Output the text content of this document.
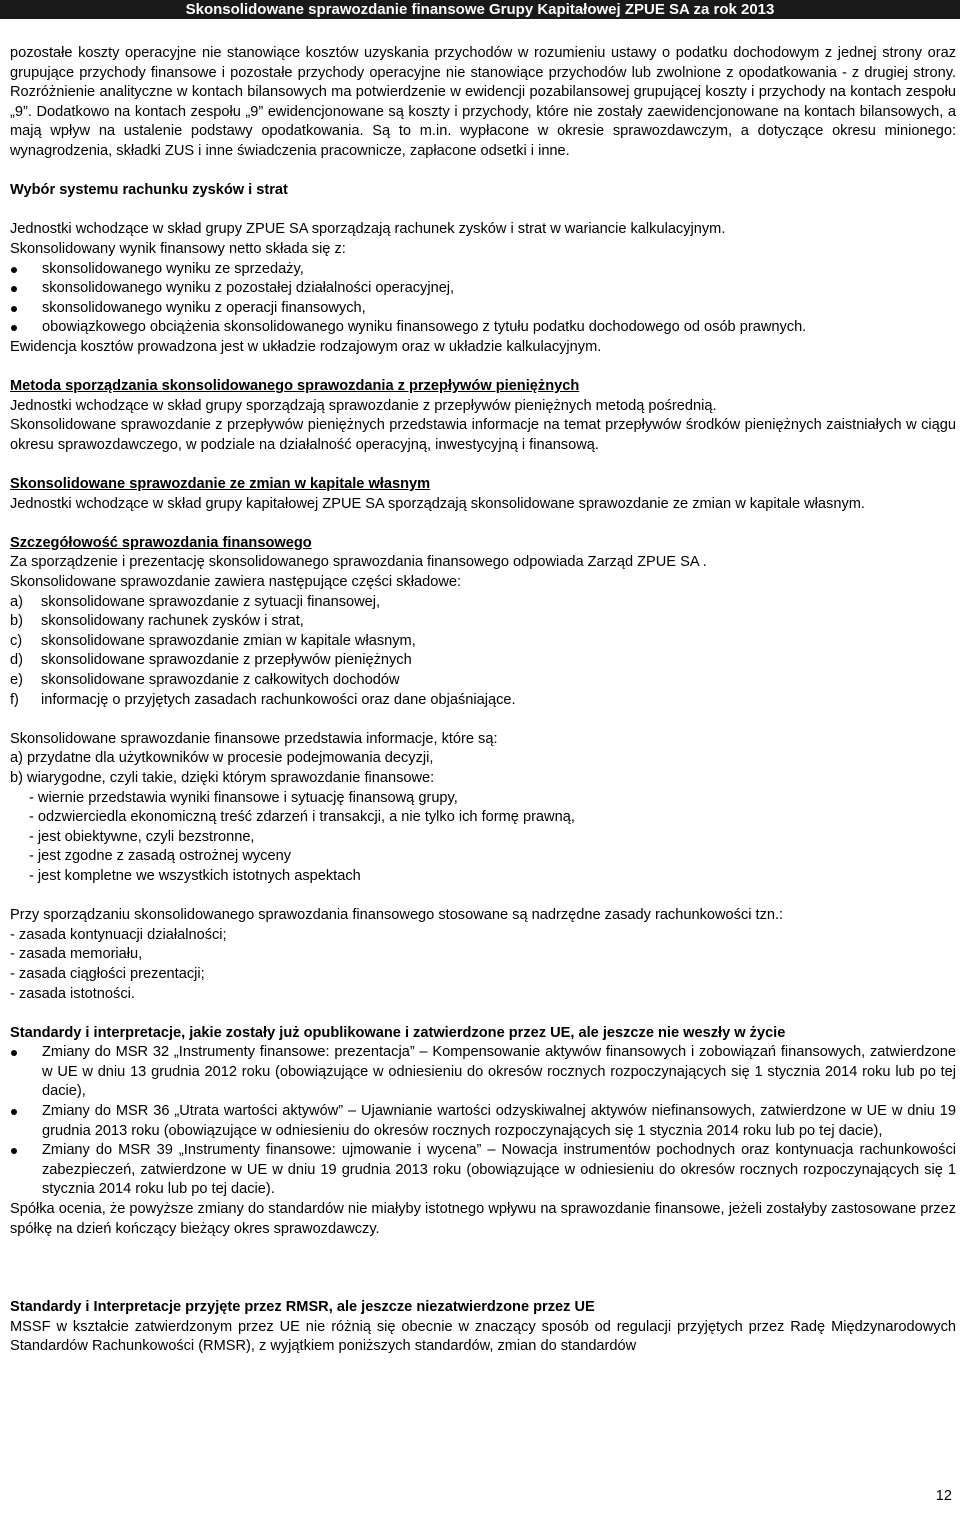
Skonsolidowane sprawozdanie finansowe Grupy Kapitałowej ZPUE SA za rok 2013

pozostałe koszty operacyjne nie stanowiące kosztów uzyskania przychodów w rozumieniu ustawy o podatku dochodowym z jednej strony oraz grupujące przychody finansowe i pozostałe przychody operacyjne nie stanowiące przychodów lub zwolnione z opodatkowania - z drugiej strony. Rozróżnienie analityczne w kontach bilansowych ma potwierdzenie w ewidencji pozabilansowej grupującej koszty i przychody na kontach zespołu „9”. Dodatkowo na kontach zespołu „9” ewidencjonowane są koszty i przychody, które nie zostały zaewidencjonowane na kontach bilansowych, a mają wpływ na ustalenie podstawy opodatkowania. Są to m.in. wypłacone w okresie sprawozdawczym, a dotyczące okresu minionego: wynagrodzenia, składki ZUS i inne świadczenia pracownicze, zapłacone odsetki i inne.

Wybór systemu rachunku zysków i strat

Jednostki wchodzące w skład grupy ZPUE SA sporządzają rachunek zysków i strat w wariancie kalkulacyjnym.

Skonsolidowany wynik finansowy netto składa się z:

skonsolidowanego wyniku ze sprzedaży,
skonsolidowanego wyniku z pozostałej działalności operacyjnej,
skonsolidowanego wyniku z operacji finansowych,
obowiązkowego obciążenia skonsolidowanego wyniku finansowego z tytułu podatku dochodowego od osób prawnych.

Ewidencja kosztów prowadzona jest w układzie rodzajowym oraz w układzie kalkulacyjnym.

Metoda sporządzania skonsolidowanego sprawozdania z przepływów pieniężnych

Jednostki wchodzące w skład grupy sporządzają sprawozdanie z przepływów pieniężnych metodą pośrednią.

Skonsolidowane sprawozdanie z przepływów pieniężnych przedstawia informacje na temat przepływów środków pieniężnych zaistniałych w ciągu okresu sprawozdawczego, w podziale na działalność operacyjną, inwestycyjną i finansową.

Skonsolidowane sprawozdanie ze zmian w kapitale własnym

Jednostki wchodzące w skład grupy kapitałowej ZPUE SA sporządzają skonsolidowane sprawozdanie ze zmian w kapitale własnym.

Szczegółowość sprawozdania finansowego

Za sporządzenie i prezentację skonsolidowanego sprawozdania finansowego odpowiada Zarząd ZPUE SA .

Skonsolidowane sprawozdanie zawiera następujące części składowe:

a) skonsolidowane sprawozdanie z sytuacji finansowej,
b) skonsolidowany rachunek zysków i strat,
c) skonsolidowane sprawozdanie zmian w kapitale własnym,
d) skonsolidowane sprawozdanie z przepływów pieniężnych
e) skonsolidowane sprawozdanie z całkowitych dochodów
f) informację o przyjętych zasadach rachunkowości oraz dane objaśniające.

Skonsolidowane sprawozdanie finansowe przedstawia informacje, które są:

a) przydatne dla użytkowników w procesie podejmowania decyzji,

b) wiarygodne, czyli takie, dzięki którym sprawozdanie finansowe:

- wiernie przedstawia wyniki finansowe i sytuację finansową grupy,
- odzwierciedla ekonomiczną treść zdarzeń i transakcji, a nie tylko ich formę prawną,
- jest obiektywne, czyli bezstronne,
- jest zgodne z zasadą ostrożnej wyceny
- jest kompletne we wszystkich istotnych aspektach

Przy sporządzaniu skonsolidowanego sprawozdania finansowego stosowane są nadrzędne zasady rachunkowości tzn.:

- zasada kontynuacji działalności;
- zasada memoriału,
- zasada ciągłości prezentacji;
- zasada istotności.
Standardy i interpretacje, jakie zostały już opublikowane i zatwierdzone przez UE, ale jeszcze nie weszły w życie
Zmiany do MSR 32 „Instrumenty finansowe: prezentacja” – Kompensowanie aktywów finansowych i zobowiązań finansowych, zatwierdzone w UE w dniu 13 grudnia 2012 roku (obowiązujące w odniesieniu do okresów rocznych rozpoczynających się 1 stycznia 2014 roku lub po tej dacie),
Zmiany do MSR 36 „Utrata wartości aktywów” – Ujawnianie wartości odzyskiwalnej aktywów niefinansowych, zatwierdzone w UE w dniu 19 grudnia 2013 roku (obowiązujące w odniesieniu do okresów rocznych rozpoczynających się 1 stycznia 2014 roku lub po tej dacie),
Zmiany do MSR 39 „Instrumenty finansowe: ujmowanie i wycena” – Nowacja instrumentów pochodnych oraz kontynuacja rachunkowości zabezpieczeń, zatwierdzone w UE w dniu 19 grudnia 2013 roku (obowiązujące w odniesieniu do okresów rocznych rozpoczynających się 1 stycznia 2014 roku lub po tej dacie).

Spółka ocenia, że powyższe zmiany do standardów nie miałyby istotnego wpływu na sprawozdanie finansowe, jeżeli zostałyby zastosowane przez spółkę na dzień kończący bieżący okres sprawozdawczy.

Standardy i Interpretacje przyjęte przez RMSR, ale jeszcze niezatwierdzone przez UE

MSSF w kształcie zatwierdzonym przez UE nie różnią się obecnie w znaczący sposób od regulacji przyjętych przez Radę Międzynarodowych Standardów Rachunkowości (RMSR), z wyjątkiem poniższych standardów, zmian do standardów

12
